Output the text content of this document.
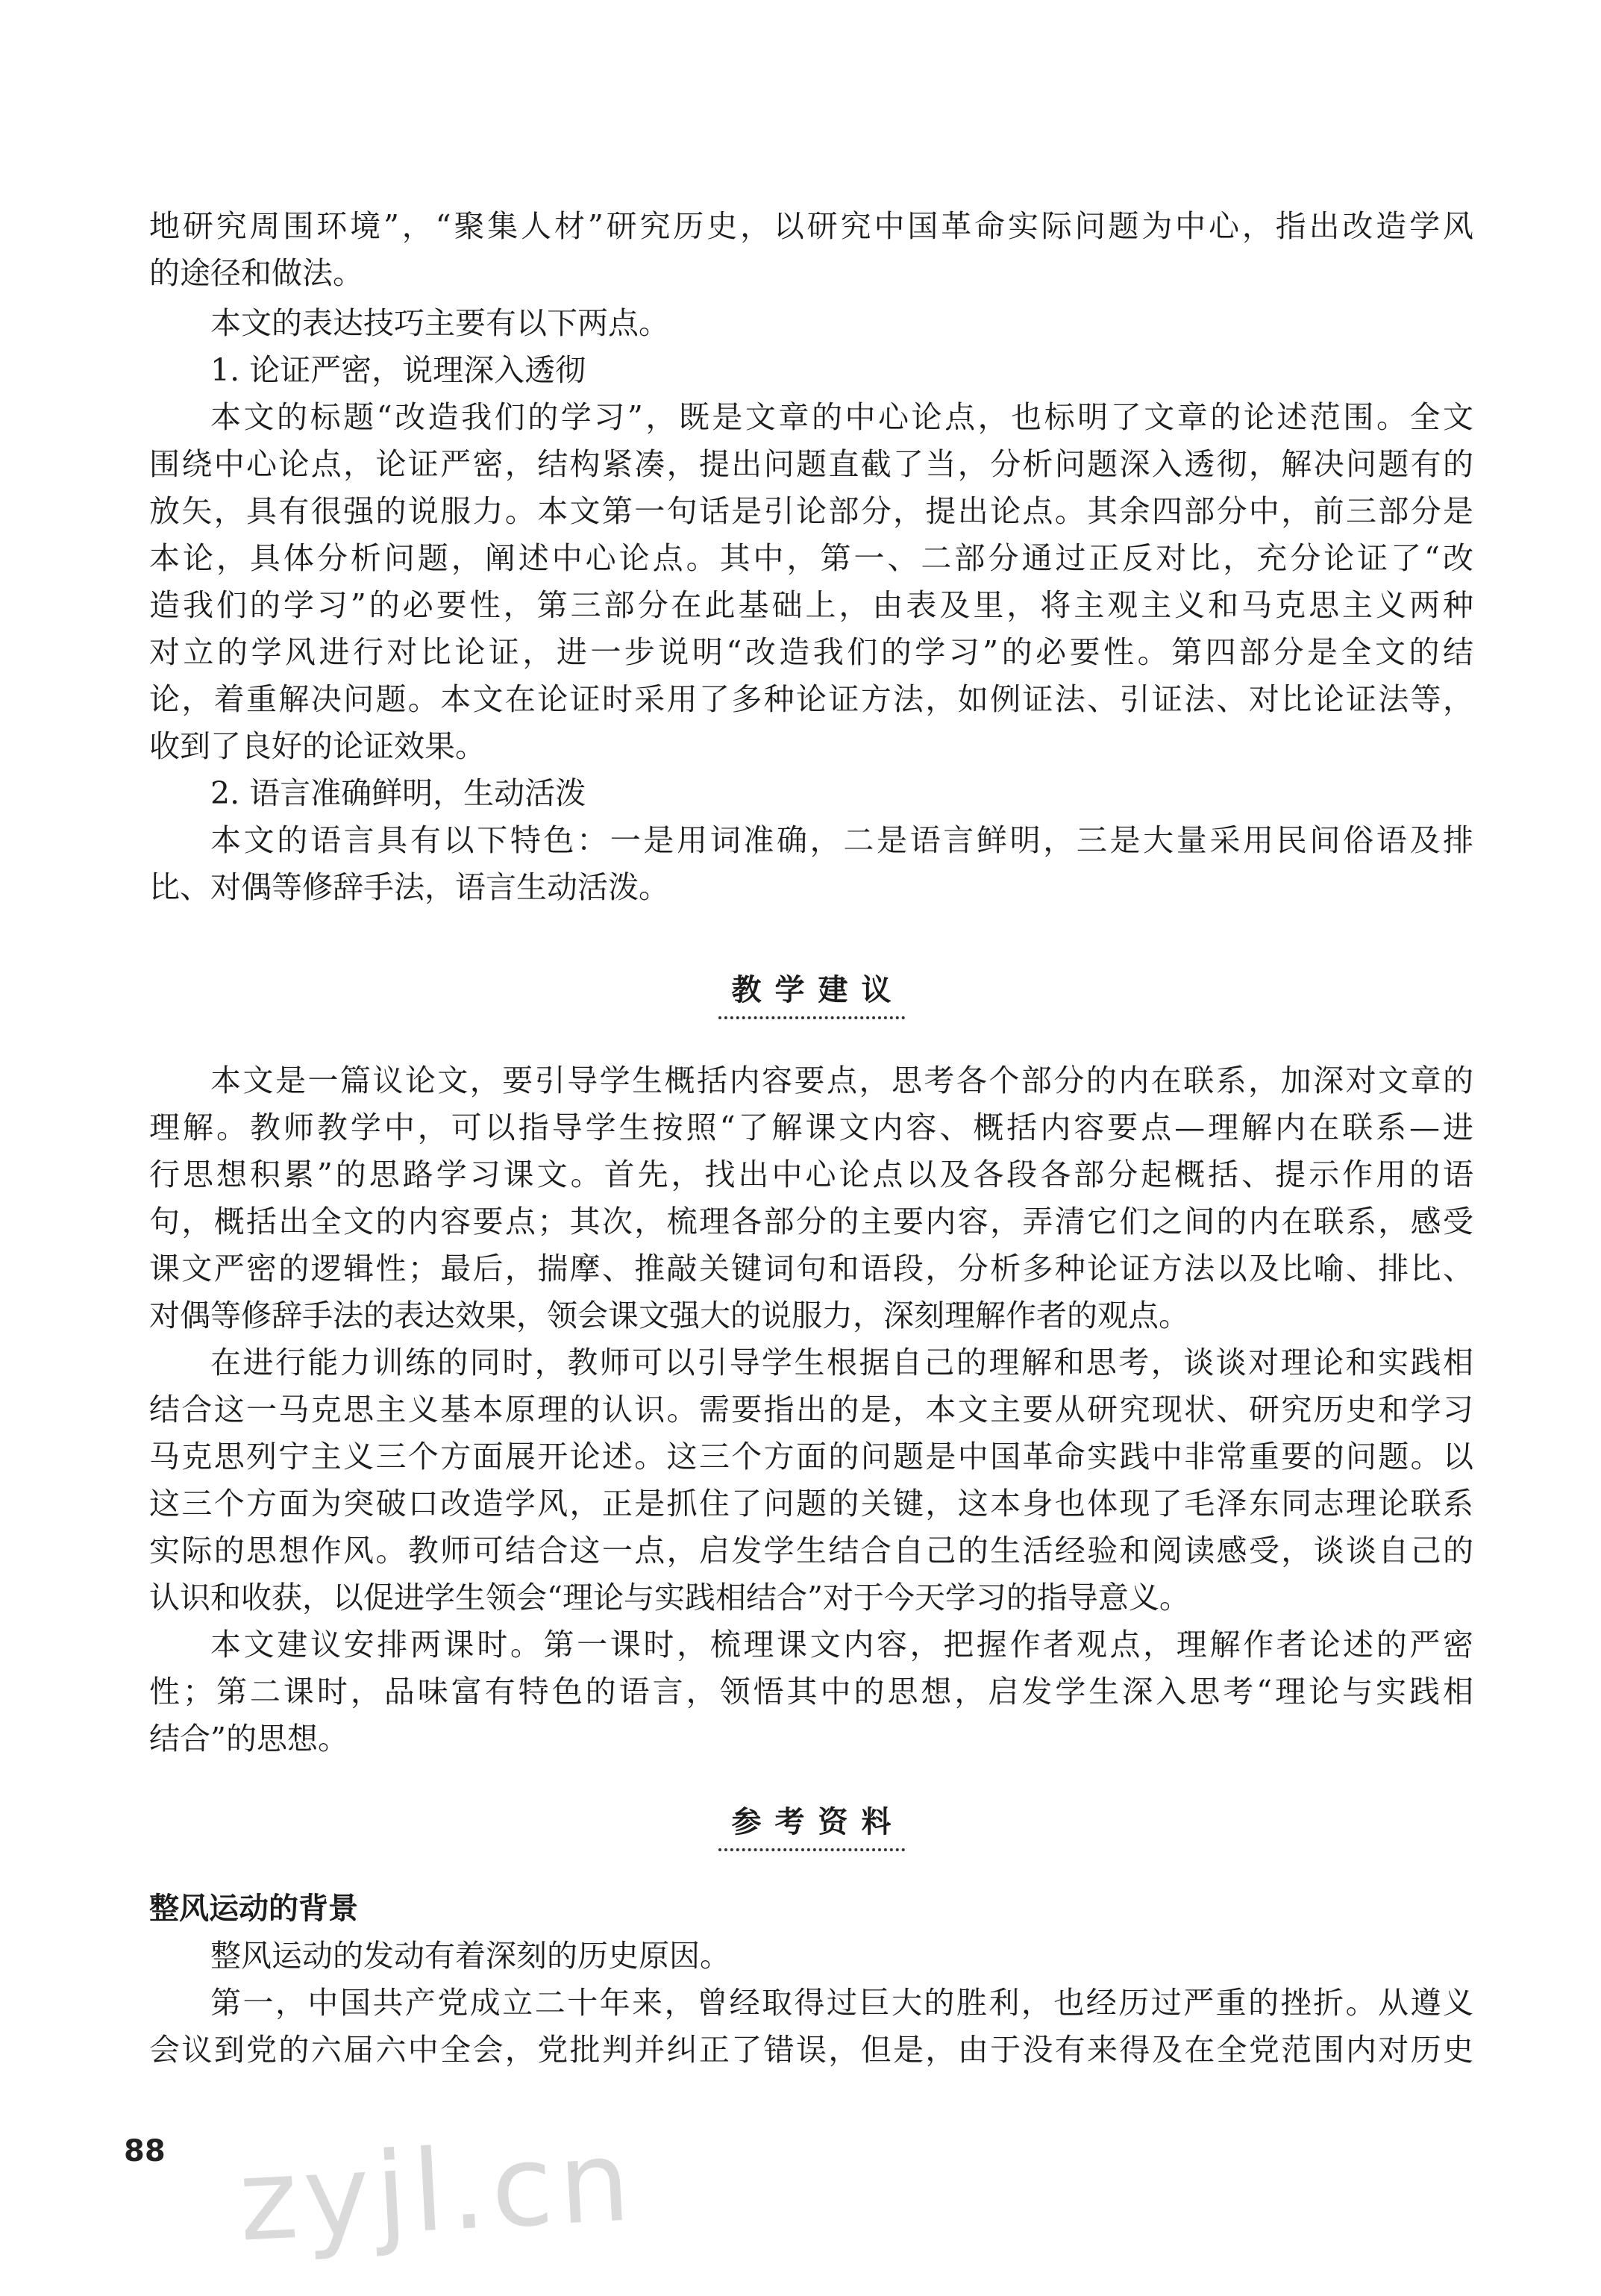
地研究周围环境”，“聚集人材”研究历史，以研究中国革命实际问题为中心，指出改造学风
的途径和做法。
本文的表达技巧主要有以下两点。
1. 论证严密，说理深入透彻
本文的标题“改造我们的学习”，既是文章的中心论点，也标明了文章的论述范围。全文
围绕中心论点，论证严密，结构紧凑，提出问题直截了当，分析问题深入透彻，解决问题有的
放矢，具有很强的说服力。本文第一句话是引论部分，提出论点。其余四部分中，前三部分是
本论，具体分析问题，阐述中心论点。其中，第一、二部分通过正反对比，充分论证了“改
造我们的学习”的必要性，第三部分在此基础上，由表及里，将主观主义和马克思主义两种
对立的学风进行对比论证，进一步说明“改造我们的学习”的必要性。第四部分是全文的结
论，着重解决问题。本文在论证时采用了多种论证方法，如例证法、引证法、对比论证法等，
收到了良好的论证效果。
2. 语言准确鲜明，生动活泼
本文的语言具有以下特色：一是用词准确，二是语言鲜明，三是大量采用民间俗语及排
比、对偶等修辞手法，语言生动活泼。
教学建议
本文是一篇议论文，要引导学生概括内容要点，思考各个部分的内在联系，加深对文章的
理解。教师教学中，可以指导学生按照“了解课文内容、概括内容要点—理解内在联系—进
行思想积累”的思路学习课文。首先，找出中心论点以及各段各部分起概括、提示作用的语
句，概括出全文的内容要点；其次，梳理各部分的主要内容，弄清它们之间的内在联系，感受
课文严密的逻辑性；最后，揣摩、推敲关键词句和语段，分析多种论证方法以及比喻、排比、
对偶等修辞手法的表达效果，领会课文强大的说服力，深刻理解作者的观点。
在进行能力训练的同时，教师可以引导学生根据自己的理解和思考，谈谈对理论和实践相
结合这一马克思主义基本原理的认识。需要指出的是，本文主要从研究现状、研究历史和学习
马克思列宁主义三个方面展开论述。这三个方面的问题是中国革命实践中非常重要的问题。以
这三个方面为突破口改造学风，正是抓住了问题的关键，这本身也体现了毛泽东同志理论联系
实际的思想作风。教师可结合这一点，启发学生结合自己的生活经验和阅读感受，谈谈自己的
认识和收获，以促进学生领会“理论与实践相结合”对于今天学习的指导意义。
本文建议安排两课时。第一课时，梳理课文内容，把握作者观点，理解作者论述的严密
性；第二课时，品味富有特色的语言，领悟其中的思想，启发学生深入思考“理论与实践相
结合”的思想。
参考资料
整风运动的背景
整风运动的发动有着深刻的历史原因。
第一，中国共产党成立二十年来，曾经取得过巨大的胜利，也经历过严重的挫折。从遵义
会议到党的六届六中全会，党批判并纠正了错误，但是，由于没有来得及在全党范围内对历史
88 zyjl.cn
